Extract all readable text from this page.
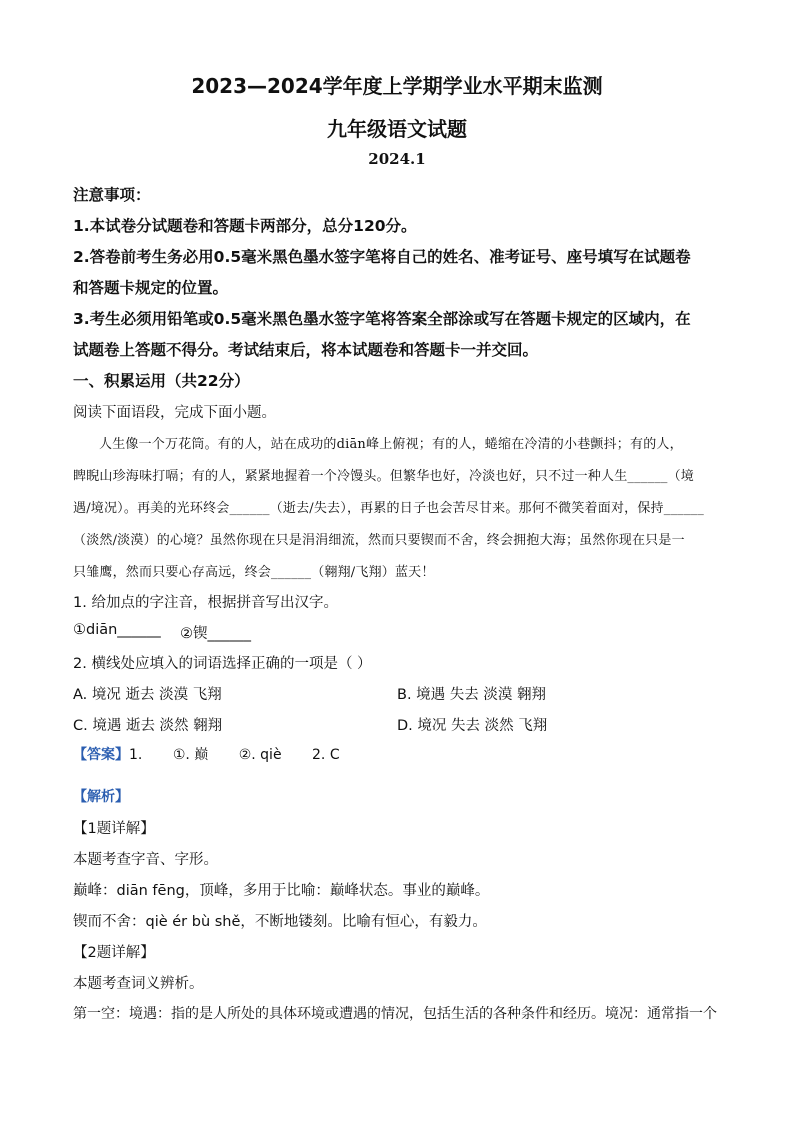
2023—2024学年度上学期学业水平期末监测
九年级语文试题
2024.1
注意事项：
1.本试卷分试题卷和答题卡两部分，总分120分。
2.答卷前考生务必用0.5毫米黑色墨水签字笔将自己的姓名、准考证号、座号填写在试题卷
和答题卡规定的位置。
3.考生必须用铅笔或0.5毫米黑色墨水签字笔将答案全部涂或写在答题卡规定的区域内，在
试题卷上答题不得分。考试结束后，将本试题卷和答题卡一并交回。
一、积累运用（共22分）
阅读下面语段，完成下面小题。
人生像一个万花筒。有的人，站在成功的diān峰上俯视；有的人，蜷缩在冷清的小巷颤抖；有的人，
睥睨山珍海味打嗝；有的人，紧紧地握着一个冷馒头。但繁华也好，冷淡也好，只不过一种人生______（境
遇/境况）。再美的光环终会______（逝去/失去），再累的日子也会苦尽甘来。那何不微笑着面对，保持______
（淡然/淡漠）的心境？虽然你现在只是涓涓细流，然而只要锲而不舍，终会拥抱大海；虽然你现在只是一
只雏鹰，然而只要心存高远，终会______（翱翔/飞翔）蓝天！
1. 给加点的字注音，根据拼音写出汉字。
①diān______ ②锲______
2. 横线处应填入的词语选择正确的一项是（ ）
A. 境况 逝去 淡漠 飞翔	B. 境遇 失去 淡漠 翱翔
C. 境遇 逝去 淡然 翱翔	D. 境况 失去 淡然 飞翔
【答案】1. ①. 巅 ②. qiè 2. C
【解析】
【1题详解】
本题考查字音、字形。
巅峰：diān fēng，顶峰，多用于比喻：巅峰状态。事业的巅峰。
锲而不舍：qiè ér bù shě，不断地镂刻。比喻有恒心，有毅力。
【2题详解】
本题考查词义辨析。
第一空：境遇：指的是人所处的具体环境或遭遇的情况，包括生活的各种条件和经历。境况：通常指一个
